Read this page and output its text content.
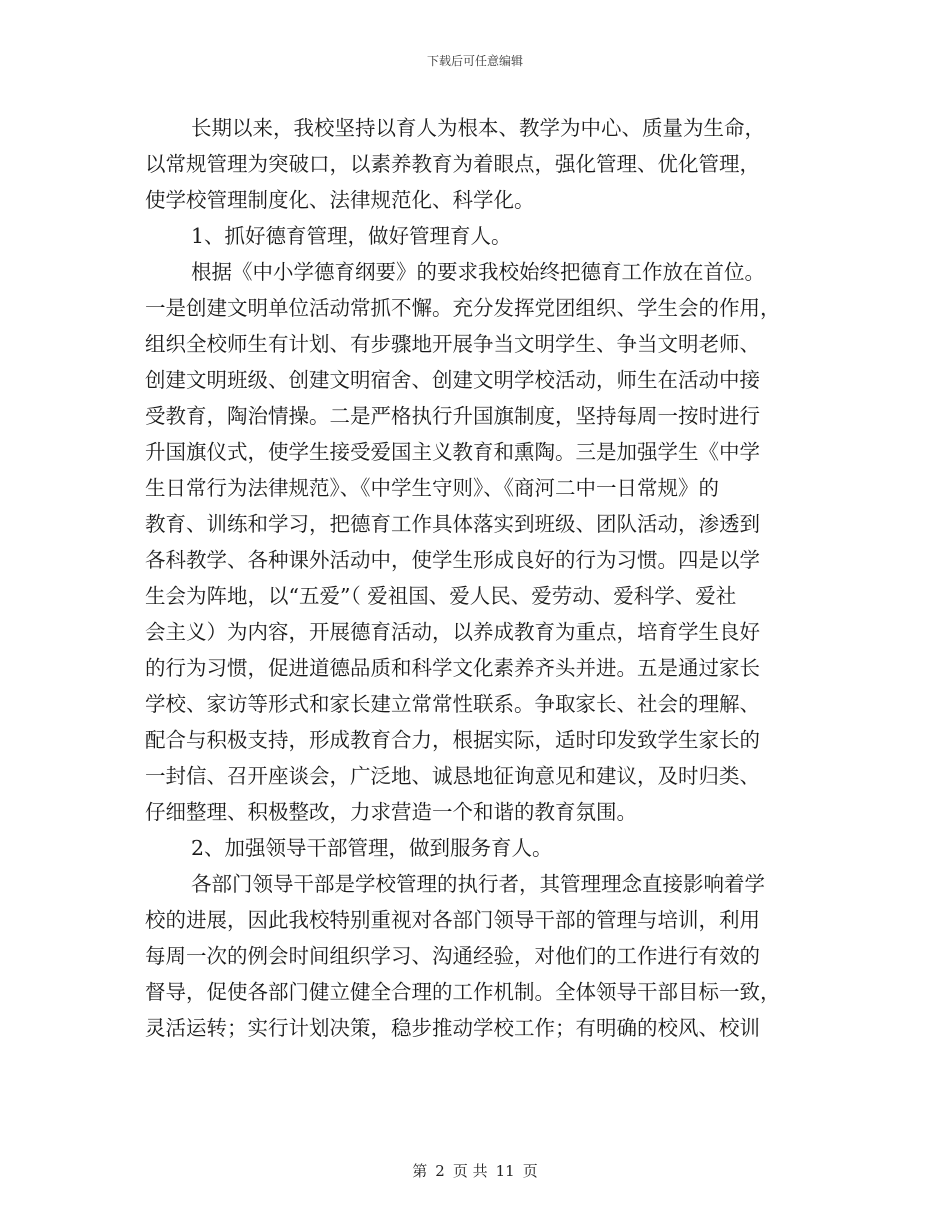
下载后可任意编辑
长期以来，我校坚持以育人为根本、教学为中心、质量为生命，
以常规管理为突破口，以素养教育为着眼点，强化管理、优化管理，
使学校管理制度化、法律规范化、科学化。
1、抓好德育管理，做好管理育人。
根据《中小学德育纲要》的要求我校始终把德育工作放在首位。
一是创建文明单位活动常抓不懈。充分发挥党团组织、学生会的作用，
组织全校师生有计划、有步骤地开展争当文明学生、争当文明老师、
创建文明班级、创建文明宿舍、创建文明学校活动，师生在活动中接
受教育，陶治情操。二是严格执行升国旗制度，坚持每周一按时进行
升国旗仪式，使学生接受爱国主义教育和熏陶。三是加强学生《中学
生日常行为法律规范》、《中学生守则》、《商河二中一日常规》的
教育、训练和学习，把德育工作具体落实到班级、团队活动，渗透到
各科教学、各种课外活动中，使学生形成良好的行为习惯。四是以学
生会为阵地，以“五爱”（ 爱祖国、爱人民、爱劳动、爱科学、爱社
会主义）为内容，开展德育活动，以养成教育为重点，培育学生良好
的行为习惯，促进道德品质和科学文化素养齐头并进。五是通过家长
学校、家访等形式和家长建立常常性联系。争取家长、社会的理解、
配合与积极支持，形成教育合力，根据实际，适时印发致学生家长的
一封信、召开座谈会，广泛地、诚恳地征询意见和建议，及时归类、
仔细整理、积极整改，力求营造一个和谐的教育氛围。
2、加强领导干部管理，做到服务育人。
各部门领导干部是学校管理的执行者，其管理理念直接影响着学
校的进展，因此我校特别重视对各部门领导干部的管理与培训，利用
每周一次的例会时间组织学习、沟通经验，对他们的工作进行有效的
督导，促使各部门健立健全合理的工作机制。全体领导干部目标一致，
灵活运转；实行计划决策，稳步推动学校工作；有明确的校风、校训
第 2 页 共 11 页
